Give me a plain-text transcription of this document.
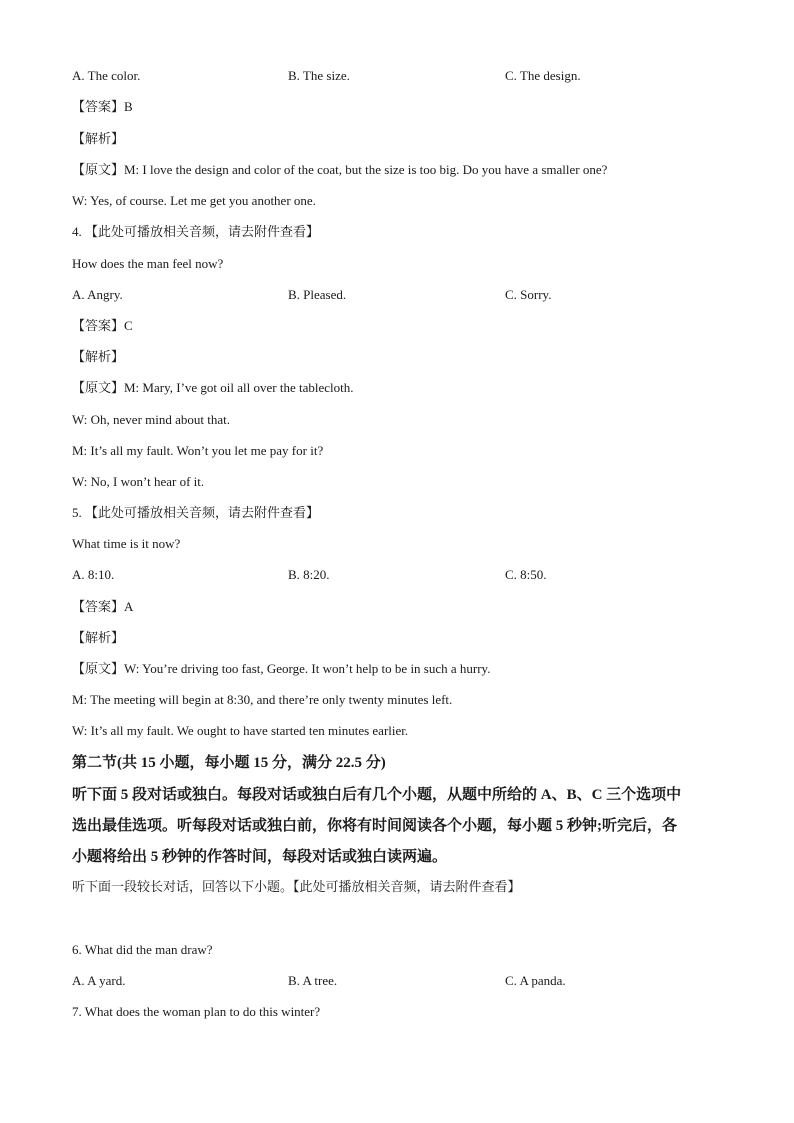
A. The color.	B. The size.	C. The design.
【答案】B
【解析】
【原文】M: I love the design and color of the coat, but the size is too big. Do you have a smaller one?
W: Yes, of course. Let me get you another one.
4. 【此处可播放相关音频，请去附件查看】
How does the man feel now?
A. Angry.	B. Pleased.	C. Sorry.
【答案】C
【解析】
【原文】M: Mary, I’ve got oil all over the tablecloth.
W: Oh, never mind about that.
M: It’s all my fault. Won’t you let me pay for it?
W: No, I won’t hear of it.
5. 【此处可播放相关音频，请去附件查看】
What time is it now?
A. 8:10.	B. 8:20.	C. 8:50.
【答案】A
【解析】
【原文】W: You’re driving too fast, George. It won’t help to be in such a hurry.
M: The meeting will begin at 8:30, and there’re only twenty minutes left.
W: It’s all my fault. We ought to have started ten minutes earlier.
第二节(共 15 小题，每小题 15 分，满分 22.5 分)
听下面 5 段对话或独白。每段对话或独白后有几个小题，从题中所给的 A、B、C 三个选项中
选出最佳选项。听每段对话或独白前，你将有时间阅读各个小题，每小题 5 秒钟;听完后，各
小题将给出 5 秒钟的作答时间，每段对话或独白读两遍。
听下面一段较长对话，回答以下小题。【此处可播放相关音频，请去附件查看】
6. What did the man draw?
A. A yard.	B. A tree.	C. A panda.
7. What does the woman plan to do this winter?
